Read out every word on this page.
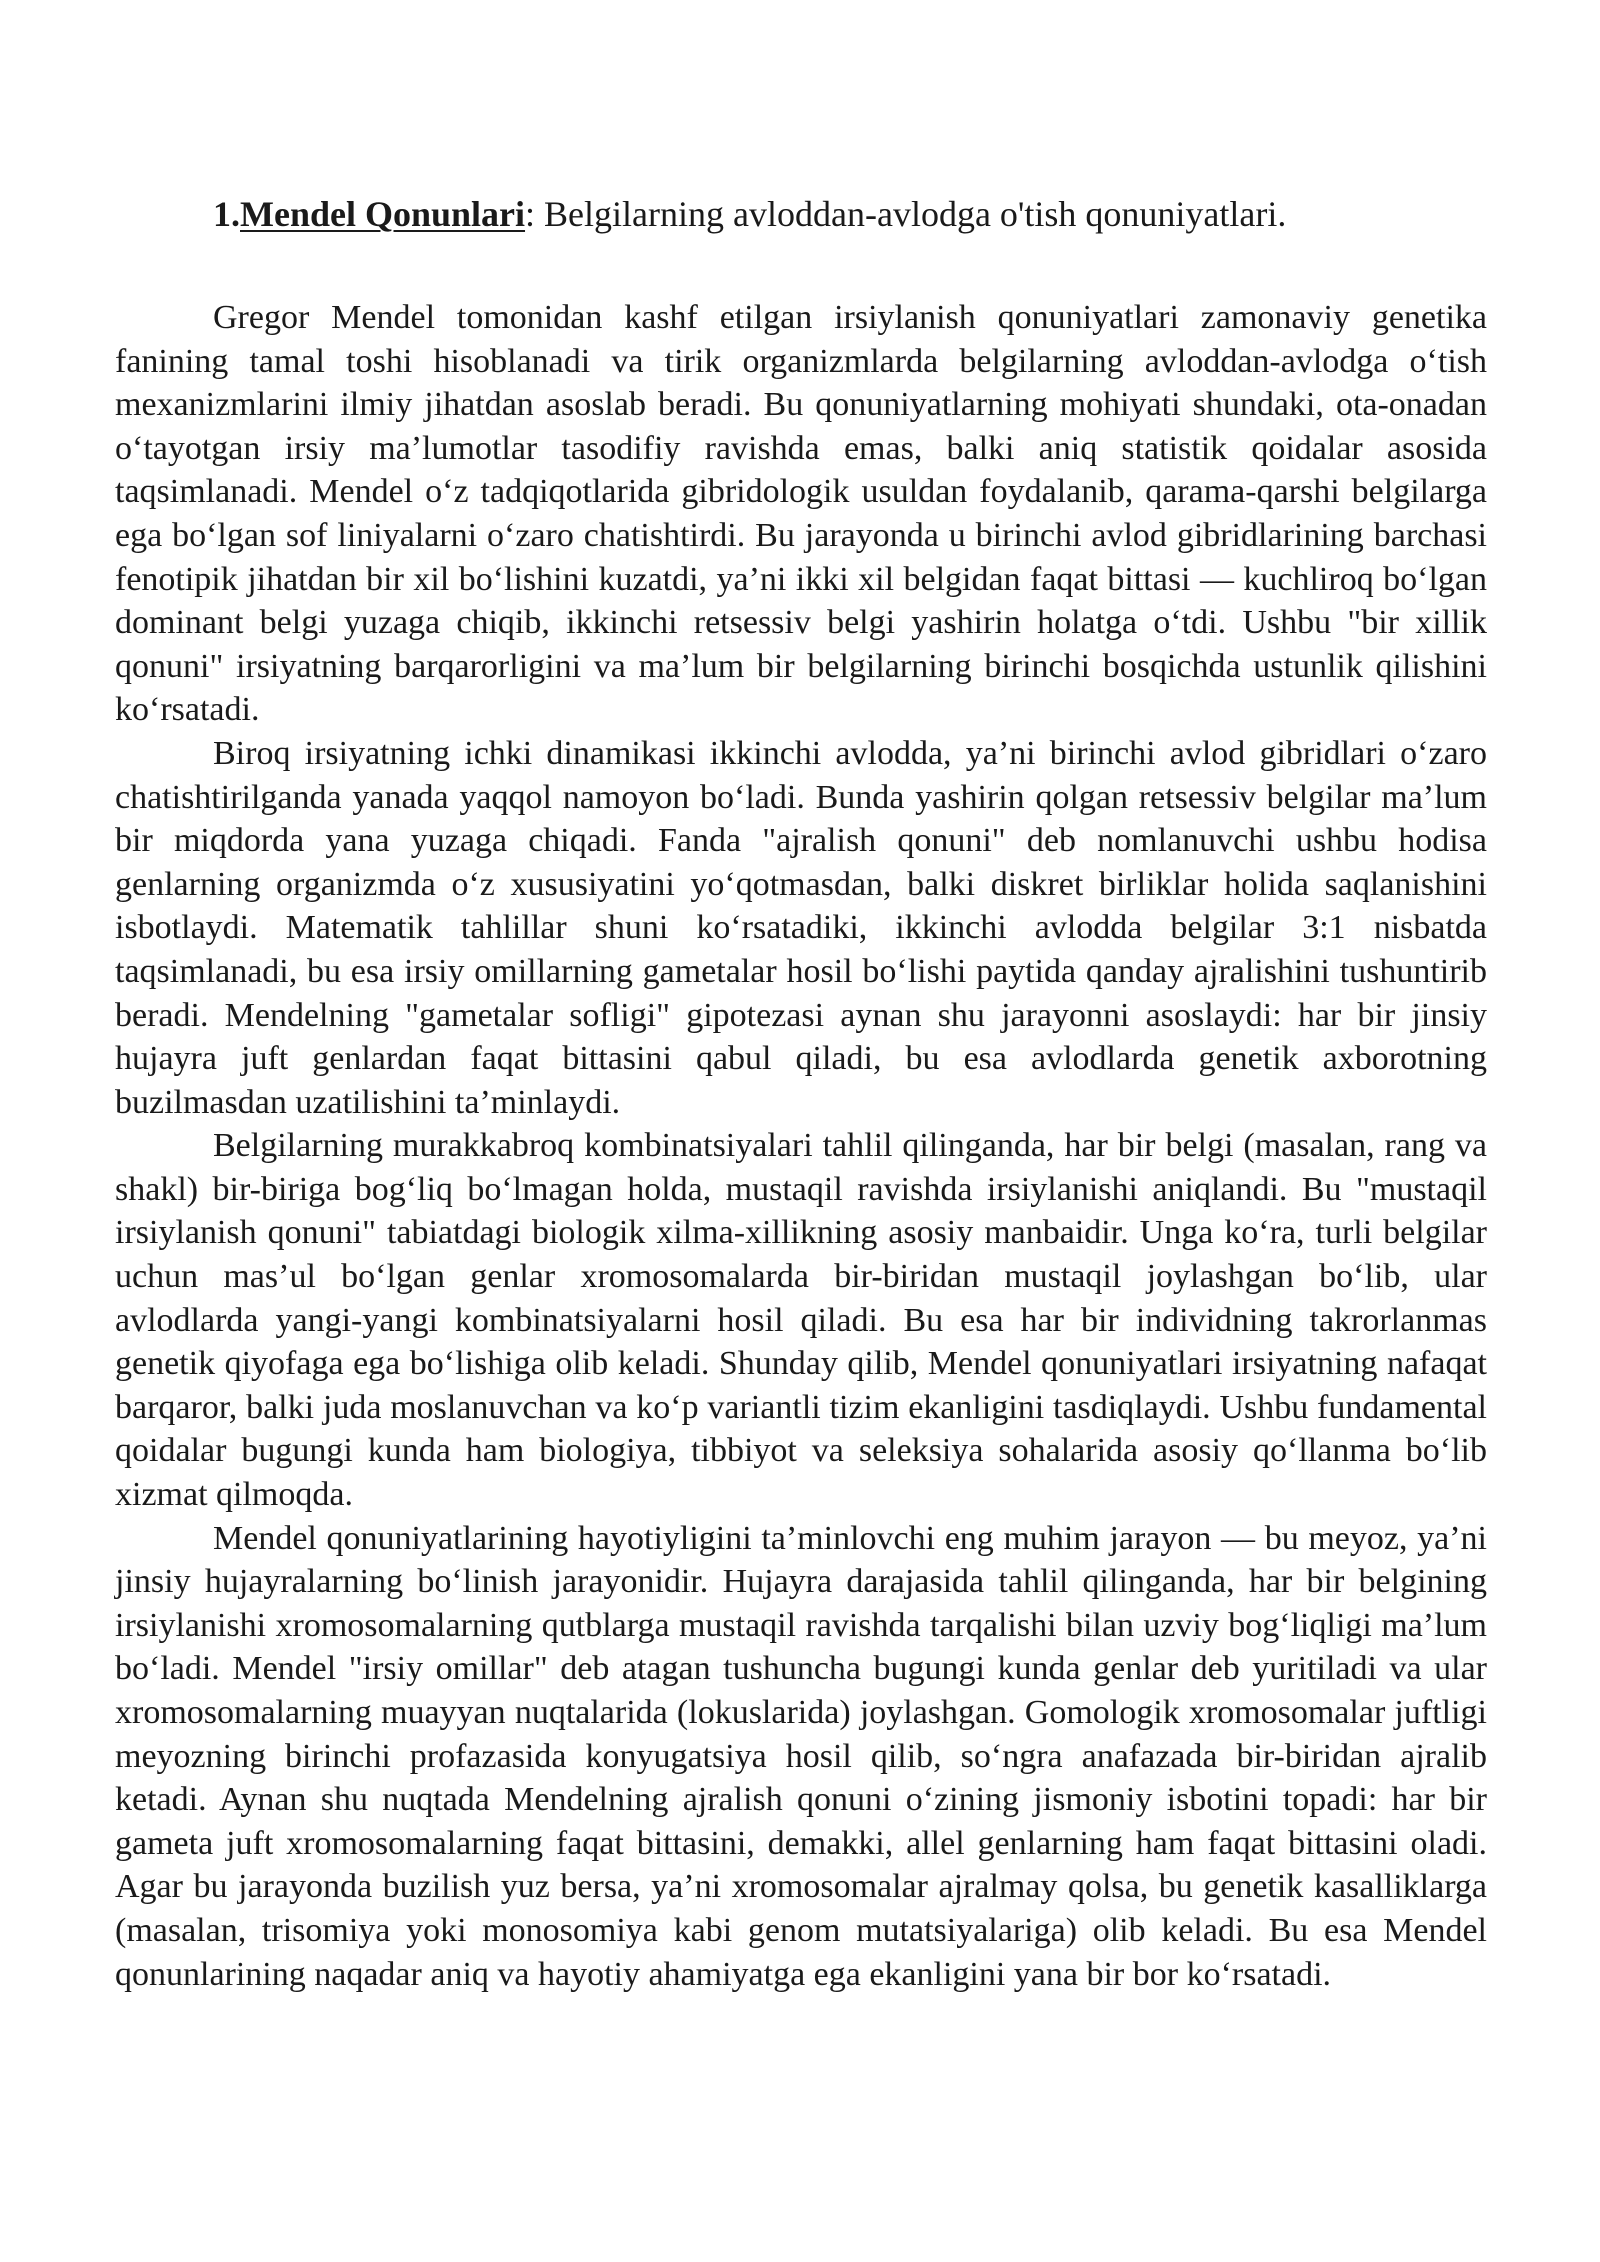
1.Mendel Qonunlari: Belgilarning avloddan-avlodga o'tish qonuniyatlari.

Gregor Mendel tomonidan kashf etilgan irsiylanish qonuniyatlari zamonaviy genetika fanining tamal toshi hisoblanadi va tirik organizmlarda belgilarning avloddan-avlodga o‘tish mexanizmlarini ilmiy jihatdan asoslab beradi. Bu qonuniyatlarning mohiyati shundaki, ota-onadan o‘tayotgan irsiy ma’lumotlar tasodifiy ravishda emas, balki aniq statistik qoidalar asosida taqsimlanadi. Mendel o‘z tadqiqotlarida gibridologik usuldan foydalanib, qarama-qarshi belgilarga ega bo‘lgan sof liniyalarni o‘zaro chatishtirdi. Bu jarayonda u birinchi avlod gibridlarining barchasi fenotipik jihatdan bir xil bo‘lishini kuzatdi, ya’ni ikki xil belgidan faqat bittasi — kuchliroq bo‘lgan dominant belgi yuzaga chiqib, ikkinchi retsessiv belgi yashirin holatga o‘tdi. Ushbu "bir xillik qonuni" irsiyatning barqarorligini va ma’lum bir belgilarning birinchi bosqichda ustunlik qilishini ko‘rsatadi.

Biroq irsiyatning ichki dinamikasi ikkinchi avlodda, ya’ni birinchi avlod gibridlari o‘zaro chatishtirilganda yanada yaqqol namoyon bo‘ladi. Bunda yashirin qolgan retsessiv belgilar ma’lum bir miqdorda yana yuzaga chiqadi. Fanda "ajralish qonuni" deb nomlanuvchi ushbu hodisa genlarning organizmda o‘z xususiyatini yo‘qotmasdan, balki diskret birliklar holida saqlanishini isbotlaydi. Matematik tahlillar shuni ko‘rsatadiki, ikkinchi avlodda belgilar 3:1 nisbatda taqsimlanadi, bu esa irsiy omillarning gametalar hosil bo‘lishi paytida qanday ajralishini tushuntirib beradi. Mendelning "gametalar sofligi" gipotezasi aynan shu jarayonni asoslaydi: har bir jinsiy hujayra juft genlardan faqat bittasini qabul qiladi, bu esa avlodlarda genetik axborotning buzilmasdan uzatilishini ta’minlaydi.

Belgilarning murakkabroq kombinatsiyalari tahlil qilinganda, har bir belgi (masalan, rang va shakl) bir-biriga bog‘liq bo‘lmagan holda, mustaqil ravishda irsiylanishi aniqlandi. Bu "mustaqil irsiylanish qonuni" tabiatdagi biologik xilma-xillikning asosiy manbaidir. Unga ko‘ra, turli belgilar uchun mas’ul bo‘lgan genlar xromosomalarda bir-biridan mustaqil joylashgan bo‘lib, ular avlodlarda yangi-yangi kombinatsiyalarni hosil qiladi. Bu esa har bir individning takrorlanmas genetik qiyofaga ega bo‘lishiga olib keladi. Shunday qilib, Mendel qonuniyatlari irsiyatning nafaqat barqaror, balki juda moslanuvchan va ko‘p variantli tizim ekanligini tasdiqlaydi. Ushbu fundamental qoidalar bugungi kunda ham biologiya, tibbiyot va seleksiya sohalarida asosiy qo‘llanma bo‘lib xizmat qilmoqda.

Mendel qonuniyatlarining hayotiyligini ta’minlovchi eng muhim jarayon — bu meyoz, ya’ni jinsiy hujayralarning bo‘linish jarayonidir. Hujayra darajasida tahlil qilinganda, har bir belgining irsiylanishi xromosomalarning qutblarga mustaqil ravishda tarqalishi bilan uzviy bog‘liqligi ma’lum bo‘ladi. Mendel "irsiy omillar" deb atagan tushuncha bugungi kunda genlar deb yuritiladi va ular xromosomalarning muayyan nuqtalarida (lokuslarida) joylashgan. Gomologik xromosomalar juftligi meyozning birinchi profazasida konyugatsiya hosil qilib, so‘ngra anafazada bir-biridan ajralib ketadi. Aynan shu nuqtada Mendelning ajralish qonuni o‘zining jismoniy isbotini topadi: har bir gameta juft xromosomalarning faqat bittasini, demakki, allel genlarning ham faqat bittasini oladi. Agar bu jarayonda buzilish yuz bersa, ya’ni xromosomalar ajralmay qolsa, bu genetik kasalliklarga (masalan, trisomiya yoki monosomiya kabi genom mutatsiyalariga) olib keladi. Bu esa Mendel qonunlarining naqadar aniq va hayotiy ahamiyatga ega ekanligini yana bir bor ko‘rsatadi.
